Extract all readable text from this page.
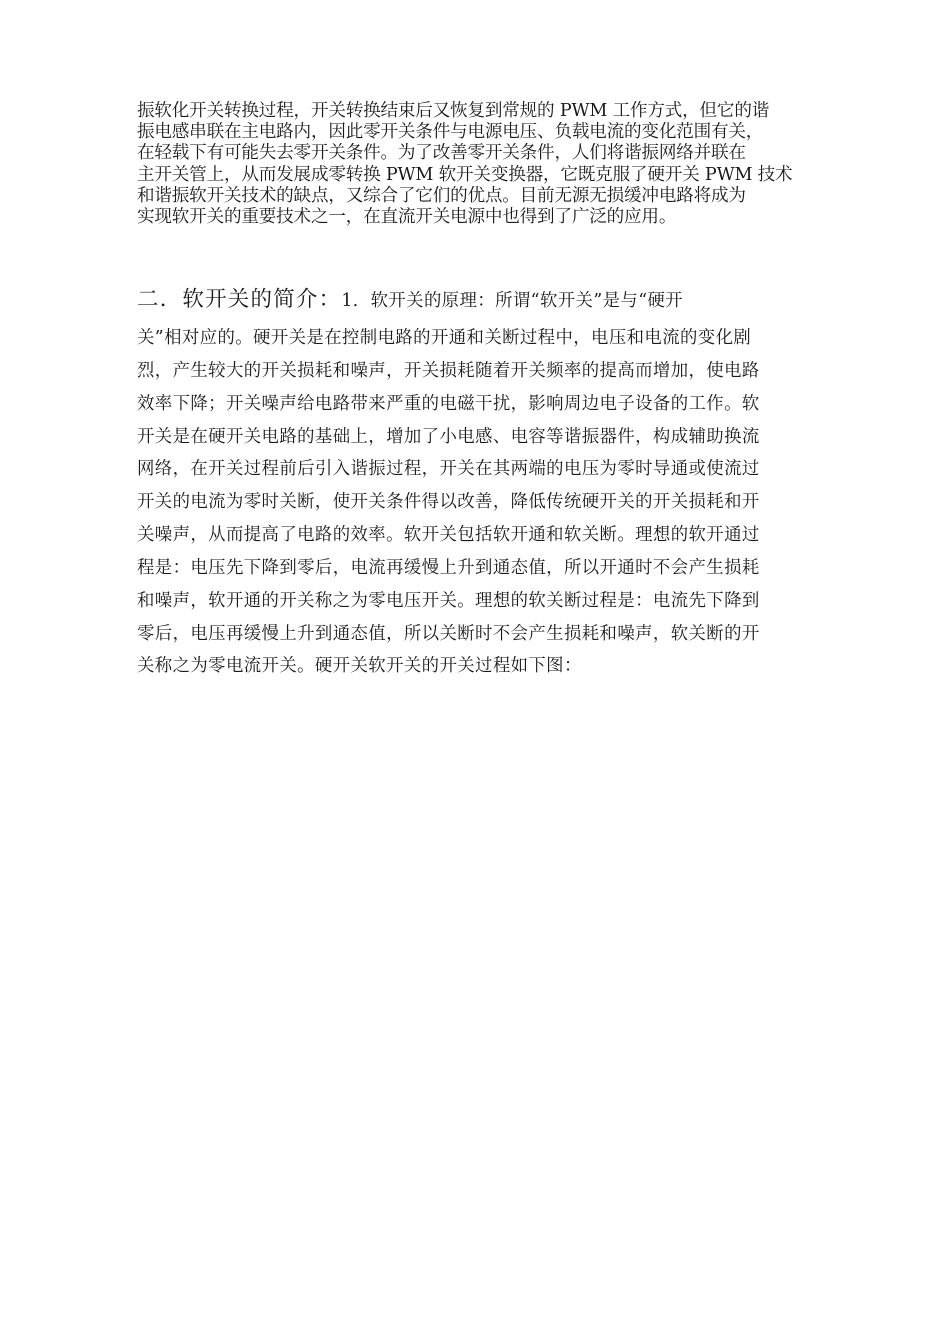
振软化开关转换过程，开关转换结束后又恢复到常规的 PWM 工作方式，但它的谐
振电感串联在主电路内，因此零开关条件与电源电压、负载电流的变化范围有关，
在轻载下有可能失去零开关条件。为了改善零开关条件，人们将谐振网络并联在
主开关管上，从而发展成零转换 PWM 软开关变换器，它既克服了硬开关 PWM 技术
和谐振软开关技术的缺点，又综合了它们的优点。目前无源无损缓冲电路将成为
实现软开关的重要技术之一，在直流开关电源中也得到了广泛的应用。

二．软开关的简介：1．软开关的原理：所谓“软开关”是与“硬开

关”相对应的。硬开关是在控制电路的开通和关断过程中，电压和电流的变化剧
烈，产生较大的开关损耗和噪声，开关损耗随着开关频率的提高而增加，使电路
效率下降；开关噪声给电路带来严重的电磁干扰，影响周边电子设备的工作。软
开关是在硬开关电路的基础上，增加了小电感、电容等谐振器件，构成辅助换流
网络，在开关过程前后引入谐振过程，开关在其两端的电压为零时导通或使流过
开关的电流为零时关断，使开关条件得以改善，降低传统硬开关的开关损耗和开
关噪声，从而提高了电路的效率。软开关包括软开通和软关断。理想的软开通过
程是：电压先下降到零后，电流再缓慢上升到通态值，所以开通时不会产生损耗
和噪声，软开通的开关称之为零电压开关。理想的软关断过程是：电流先下降到
零后，电压再缓慢上升到通态值，所以关断时不会产生损耗和噪声，软关断的开
关称之为零电流开关。硬开关软开关的开关过程如下图：
